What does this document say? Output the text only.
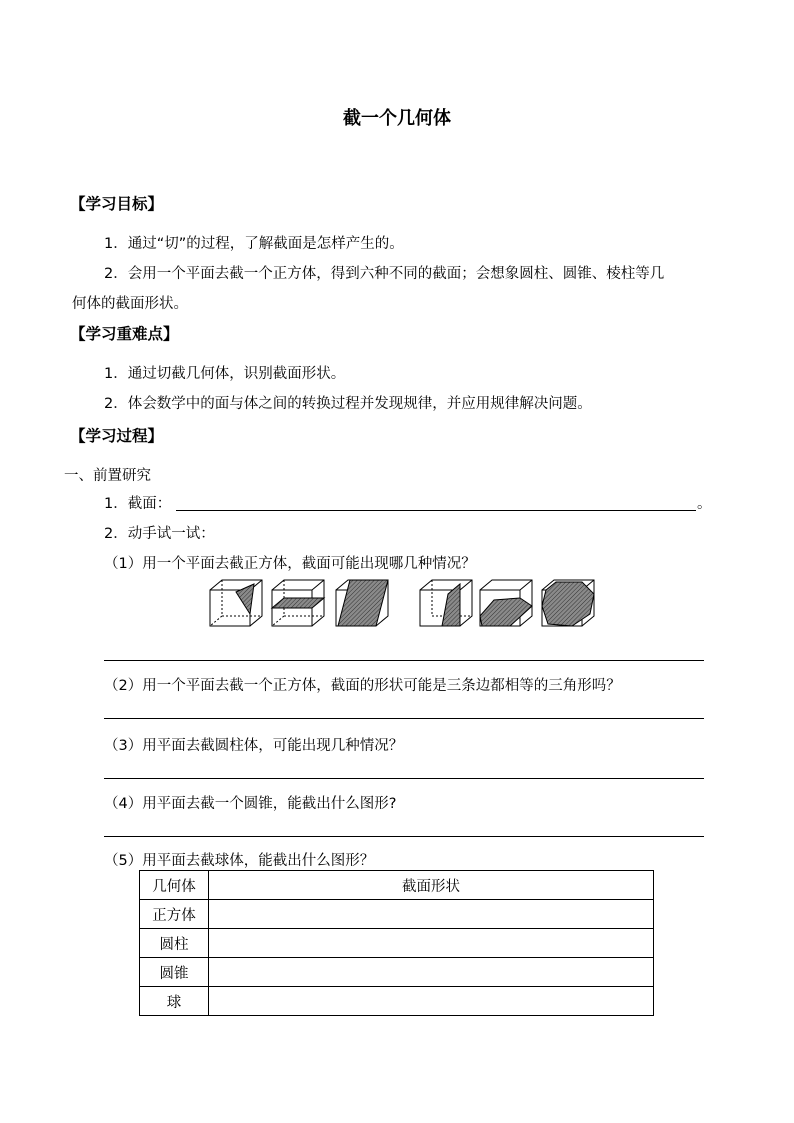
截一个几何体
【学习目标】
1．通过“切”的过程，了解截面是怎样产生的。
2．会用一个平面去截一个正方体，得到六种不同的截面；会想象圆柱、圆锥、棱柱等几
何体的截面形状。
【学习重难点】
1．通过切截几何体，识别截面形状。
2．体会数学中的面与体之间的转换过程并发现规律，并应用规律解决问题。
【学习过程】
一、前置研究
1．截面：	。
2．动手试一试：
（1）用一个平面去截正方体，截面可能出现哪几种情况？
（2）用一个平面去截一个正方体，截面的形状可能是三条边都相等的三角形吗？
（3）用平面去截圆柱体，可能出现几种情况？
（4）用平面去截一个圆锥，能截出什么图形?
（5）用平面去截球体，能截出什么图形？
几何体	截面形状
正方体	
圆柱	
圆锥	
球	
